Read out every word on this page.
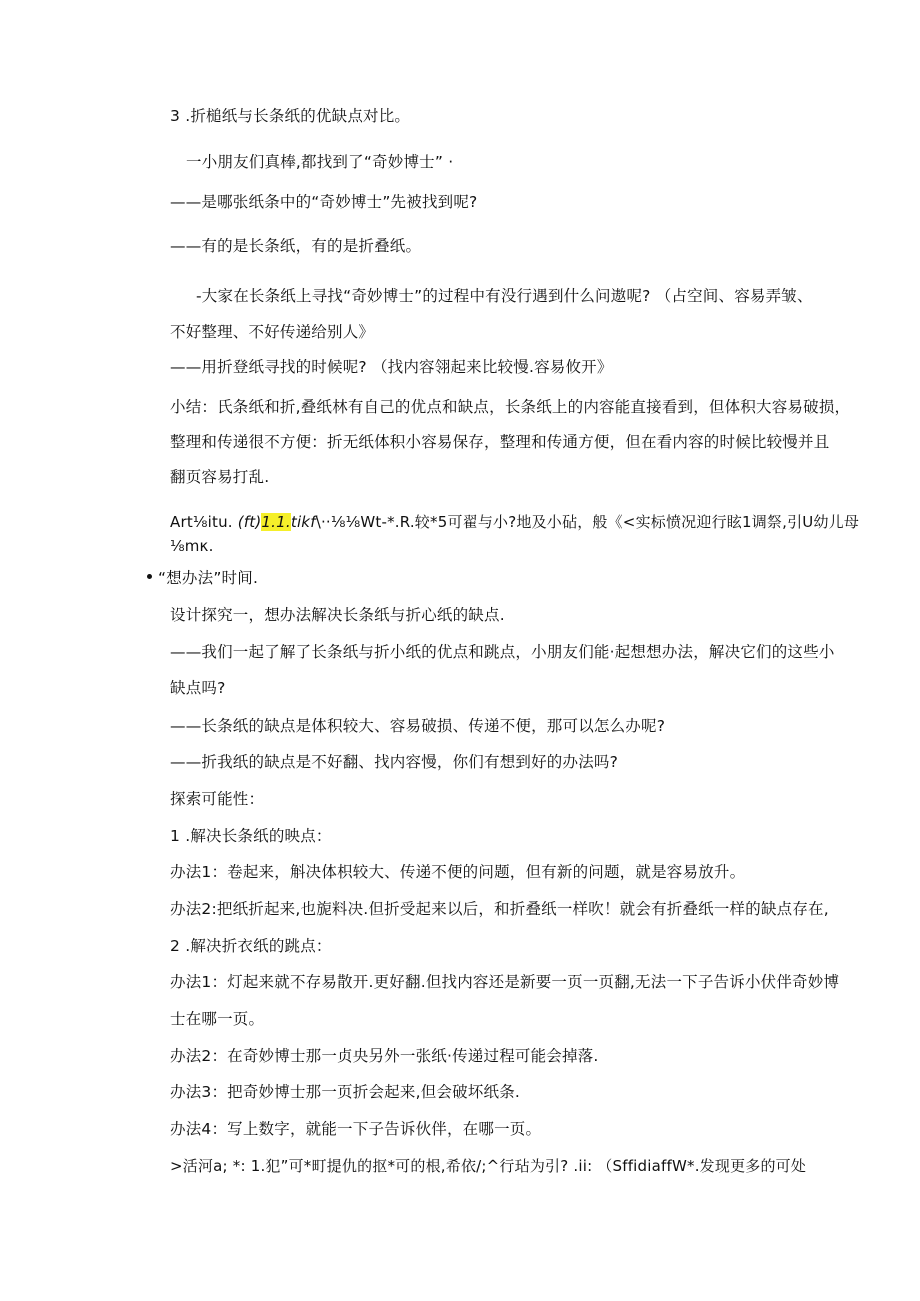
3 .折槌纸与长条纸的优缺点对比。
一小朋友们真棒,都找到了“奇妙博士” ·
——是哪张纸条中的“奇妙博士”先被找到呢?
——有的是长条纸，有的是折叠纸。
-大家在长条纸上寻找“奇妙博士”的过程中有没行遇到什么问遨呢? （占空间、容易弄皱、
不好整理、不好传递给别人》
——用折登纸寻找的时候呢? （找内容翎起来比较慢.容易攸开》
小结：氏条纸和折,叠纸林有自己的优点和缺点，长条纸上的内容能直接看到，但体积大容易破损，
整理和传递很不方便：折无纸体积小容易保存，整理和传通方便，但在看内容的时候比较慢并且
翻页容易打乱.
Art⅛itu. (ft)1.1.tikf\··⅛⅛Wt-*.R.较*5可翟与小?地及小砧，般《<实标愤况迎行眩1调祭,引U幼儿母
⅛mκ.
“想办法”时间.
设计探究一，想办法解决长条纸与折心纸的缺点.
——我们一起了解了长条纸与折小纸的优点和跳点，小朋友们能·起想想办法，解决它们的这些小
缺点吗?
——长条纸的缺点是体积较大、容易破损、传递不便，那可以怎么办呢?
——折我纸的缺点是不好翻、找内容慢，你们有想到好的办法吗?
探索可能性：
1 .解决长条纸的映点：
办法1：卷起来，斛决体枳较大、传递不便的问题，但有新的问题，就是容易放升。
办法2:把纸折起来,也旎料决.但折受起来以后，和折叠纸一样吹！就会有折叠纸一样的缺点存在,
2 .解决折衣纸的跳点：
办法1：灯起来就不存易散开.更好翻.但找内容还是新要一页一页翻,无法一下子告诉小伏伴奇妙博
士在哪一页。
办法2：在奇妙博士那一贞央另外一张纸·传递过程可能会掉落.
办法3：把奇妙博士那一页折会起来,但会破坏纸条.
办法4：写上数字，就能一下子告诉伙伴，在哪一页。
>活河a; *: 1.犯”可*町提仇的抠*可的根,希依/;^行玷为引? .ii: （SffidiaffW*.发现更多的可处
